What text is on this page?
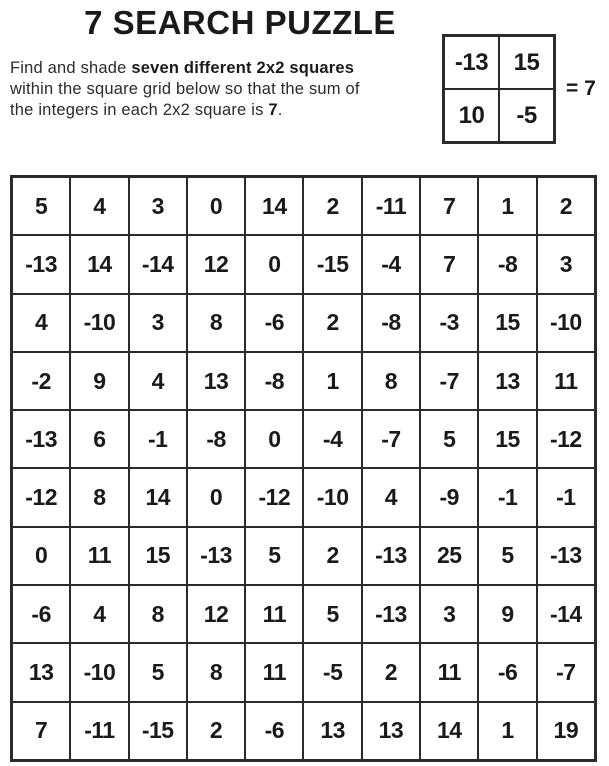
7 SEARCH PUZZLE

Find and shade seven different 2x2 squares
within the square grid below so that the sum of
the integers in each 2x2 square is 7.

-13	15
10	-5
= 7
5	4	3	0	14	2	-11	7	1	2
-13	14	-14	12	0	-15	-4	7	-8	3
4	-10	3	8	-6	2	-8	-3	15	-10
-2	9	4	13	-8	1	8	-7	13	11
-13	6	-1	-8	0	-4	-7	5	15	-12
-12	8	14	0	-12	-10	4	-9	-1	-1
0	11	15	-13	5	2	-13	25	5	-13
-6	4	8	12	11	5	-13	3	9	-14
13	-10	5	8	11	-5	2	11	-6	-7
7	-11	-15	2	-6	13	13	14	1	19
